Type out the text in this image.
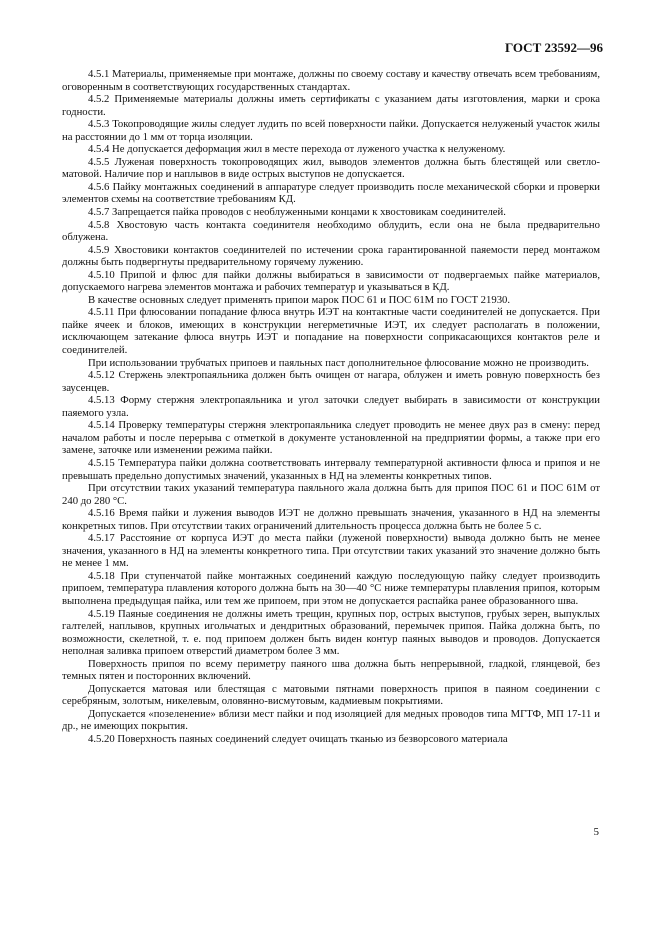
ГОСТ 23592—96

4.5.1 Материалы, применяемые при монтаже, должны по своему составу и качеству отвечать всем требованиям, оговоренным в соответствующих государственных стандартах.

4.5.2 Применяемые материалы должны иметь сертификаты с указанием даты изготовления, марки и срока годности.

4.5.3 Токопроводящие жилы следует лудить по всей поверхности пайки. Допускается нелуженый участок жилы на расстоянии до 1 мм от торца изоляции.

4.5.4 Не допускается деформация жил в месте перехода от луженого участка к нелуженому.

4.5.5 Луженая поверхность токопроводящих жил, выводов элементов должна быть блестящей или светло-матовой. Наличие пор и наплывов в виде острых выступов не допускается.

4.5.6 Пайку монтажных соединений в аппаратуре следует производить после механической сборки и проверки элементов схемы на соответствие требованиям КД.

4.5.7 Запрещается пайка проводов с необлуженными концами к хвостовикам соединителей.

4.5.8 Хвостовую часть контакта соединителя необходимо облудить, если она не была предварительно облужена.

4.5.9 Хвостовики контактов соединителей по истечении срока гарантированной паяемости перед монтажом должны быть подвергнуты предварительному горячему лужению.

4.5.10 Припой и флюс для пайки должны выбираться в зависимости от подвергаемых пайке материалов, допускаемого нагрева элементов монтажа и рабочих температур и указываться в КД.

В качестве основных следует применять припои марок ПОС 61 и ПОС 61М по ГОСТ 21930.

4.5.11 При флюсовании попадание флюса внутрь ИЭТ на контактные части соединителей не допускается. При пайке ячеек и блоков, имеющих в конструкции негерметичные ИЭТ, их следует располагать в положении, исключающем затекание флюса внутрь ИЭТ и попадание на поверхности соприкасающихся контактов реле и соединителей.

При использовании трубчатых припоев и паяльных паст дополнительное флюсование можно не производить.

4.5.12 Стержень электропаяльника должен быть очищен от нагара, облужен и иметь ровную поверхность без заусенцев.

4.5.13 Форму стержня электропаяльника и угол заточки следует выбирать в зависимости от конструкции паяемого узла.

4.5.14 Проверку температуры стержня электропаяльника следует проводить не менее двух раз в смену: перед началом работы и после перерыва с отметкой в документе установленной на предприятии формы, а также при его замене, заточке или изменении режима пайки.

4.5.15 Температура пайки должна соответствовать интервалу температурной активности флюса и припоя и не превышать предельно допустимых значений, указанных в НД на элементы конкретных типов.

При отсутствии таких указаний температура паяльного жала должна быть для припоя ПОС 61 и ПОС 61М от 240 до 280 °С.

4.5.16 Время пайки и лужения выводов ИЭТ не должно превышать значения, указанного в НД на элементы конкретных типов. При отсутствии таких ограничений длительность процесса должна быть не более 5 с.

4.5.17 Расстояние от корпуса ИЭТ до места пайки (луженой поверхности) вывода должно быть не менее значения, указанного в НД на элементы конкретного типа. При отсутствии таких указаний это значение должно быть не менее 1 мм.

4.5.18 При ступенчатой пайке монтажных соединений каждую последующую пайку следует производить припоем, температура плавления которого должна быть на 30—40 °С ниже температуры плавления припоя, которым выполнена предыдущая пайка, или тем же припоем, при этом не допускается распайка ранее образованного шва.

4.5.19 Паяные соединения не должны иметь трещин, крупных пор, острых выступов, грубых зерен, выпуклых галтелей, наплывов, крупных игольчатых и дендритных образований, перемычек припоя. Пайка должна быть, по возможности, скелетной, т. е. под припоем должен быть виден контур паяных выводов и проводов. Допускается неполная заливка припоем отверстий диаметром более 3 мм.

Поверхность припоя по всему периметру паяного шва должна быть непрерывной, гладкой, глянцевой, без темных пятен и посторонних включений.

Допускается матовая или блестящая с матовыми пятнами поверхность припоя в паяном соединении с серебряным, золотым, никелевым, оловянно-висмутовым, кадмиевым покрытиями.

Допускается «позеленение» вблизи мест пайки и под изоляцией для медных проводов типа МГТФ, МП 17-11 и др., не имеющих покрытия.

4.5.20 Поверхность паяных соединений следует очищать тканью из безворсового материала

5
